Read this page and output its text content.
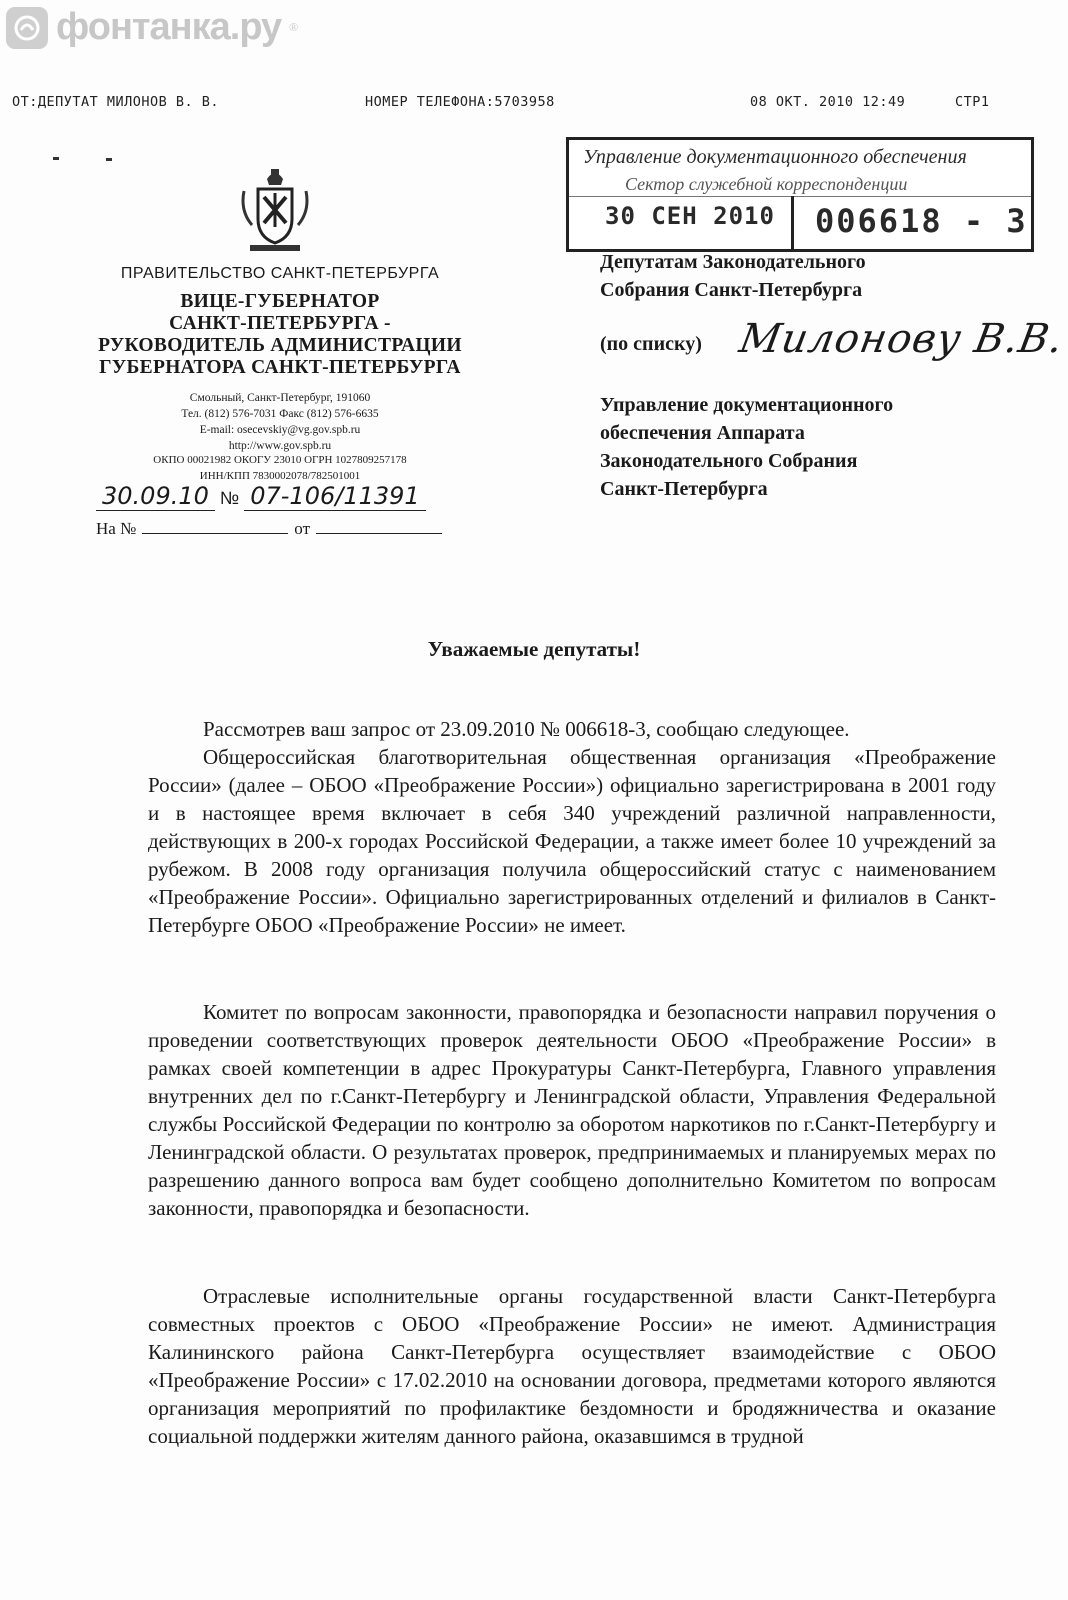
фонтанка.ру ®
ОТ:ДЕПУТАТ МИЛОНОВ В. В.	НОМЕР ТЕЛЕФОНА:5703958	08 ОКТ. 2010 12:49	СТР1
Управление документационного обеспечения
Сектор служебной корреспонденции
30 СЕН 2010 006618 - 3
ПРАВИТЕЛЬСТВО САНКТ-ПЕТЕРБУРГА
ВИЦЕ-ГУБЕРНАТОР
САНКТ-ПЕТЕРБУРГА -
РУКОВОДИТЕЛЬ АДМИНИСТРАЦИИ
ГУБЕРНАТОРА САНКТ-ПЕТЕРБУРГА
Смольный, Санкт-Петербург, 191060
Тел. (812) 576-7031 Факс (812) 576-6635
E-mail: osecevskiy@vg.gov.spb.ru
http://www.gov.spb.ru
ОКПО 00021982 ОКОГУ 23010 ОГРН 1027809257178
ИНН/КПП 7830002078/782501001
30.09.10 № 07-106/11391
На №	от
Депутатам Законодательного
Собрания Санкт-Петербурга
(по списку) Милонову В.В.
Управление документационного
обеспечения Аппарата
Законодательного Собрания
Санкт-Петербурга
Уважаемые депутаты!

Рассмотрев ваш запрос от 23.09.2010 № 006618-3, сообщаю следующее.

Общероссийская благотворительная общественная организация «Преображение России» (далее – ОБОО «Преображение России») официально зарегистрирована в 2001 году и в настоящее время включает в себя 340 учреждений различной направленности, действующих в 200-х городах Российской Федерации, а также имеет более 10 учреждений за рубежом. В 2008 году организация получила общероссийский статус с наименованием «Преображение России». Официально зарегистрированных отделений и филиалов в Санкт-Петербурге ОБОО «Преображение России» не имеет.

Комитет по вопросам законности, правопорядка и безопасности направил поручения о проведении соответствующих проверок деятельности ОБОО «Преображение России» в рамках своей компетенции в адрес Прокуратуры Санкт-Петербурга, Главного управления внутренних дел по г.Санкт-Петербургу и Ленинградской области, Управления Федеральной службы Российской Федерации по контролю за оборотом наркотиков по г.Санкт-Петербургу и Ленинградской области. О результатах проверок, предпринимаемых и планируемых мерах по разрешению данного вопроса вам будет сообщено дополнительно Комитетом по вопросам законности, правопорядка и безопасности.

Отраслевые исполнительные органы государственной власти Санкт-Петербурга совместных проектов с ОБОО «Преображение России» не имеют. Администрация Калининского района Санкт-Петербурга осуществляет взаимодействие с ОБОО «Преображение России» с 17.02.2010 на основании договора, предметами которого являются организация мероприятий по профилактике бездомности и бродяжничества и оказание социальной поддержки жителям данного района, оказавшимся в трудной
